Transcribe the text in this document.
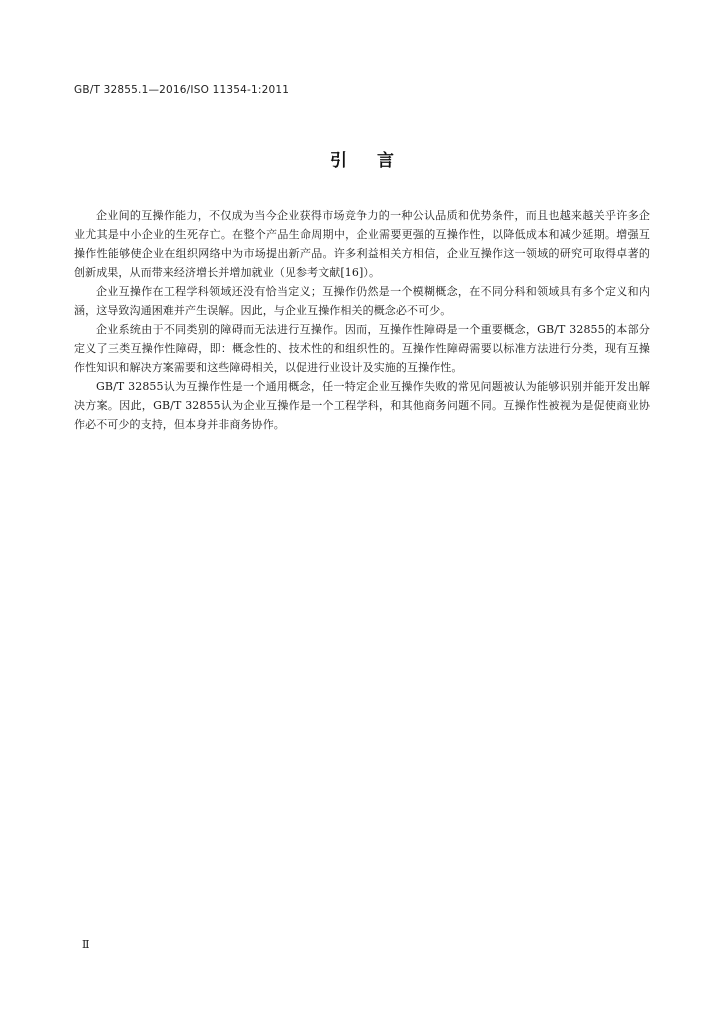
GB/T 32855.1—2016/ISO 11354-1:2011
引言

企业间的互操作能力，不仅成为当今企业获得市场竞争力的一种公认品质和优势条件，而且也越来越关乎许多企业尤其是中小企业的生死存亡。在整个产品生命周期中，企业需要更强的互操作性，以降低成本和减少延期。增强互操作性能够使企业在组织网络中为市场提出新产品。许多利益相关方相信，企业互操作这一领域的研究可取得卓著的创新成果，从而带来经济增长并增加就业（见参考文献[16]）。

企业互操作在工程学科领域还没有恰当定义；互操作仍然是一个模糊概念，在不同分科和领域具有多个定义和内涵，这导致沟通困难并产生误解。因此，与企业互操作相关的概念必不可少。

企业系统由于不同类别的障碍而无法进行互操作。因而，互操作性障碍是一个重要概念，GB/T 32855的本部分定义了三类互操作性障碍，即：概念性的、技术性的和组织性的。互操作性障碍需要以标准方法进行分类，现有互操作性知识和解决方案需要和这些障碍相关，以促进行业设计及实施的互操作性。

GB/T 32855认为互操作性是一个通用概念，任一特定企业互操作失败的常见问题被认为能够识别并能开发出解决方案。因此，GB/T 32855认为企业互操作是一个工程学科，和其他商务问题不同。互操作性被视为是促使商业协作必不可少的支持，但本身并非商务协作。

Ⅱ
